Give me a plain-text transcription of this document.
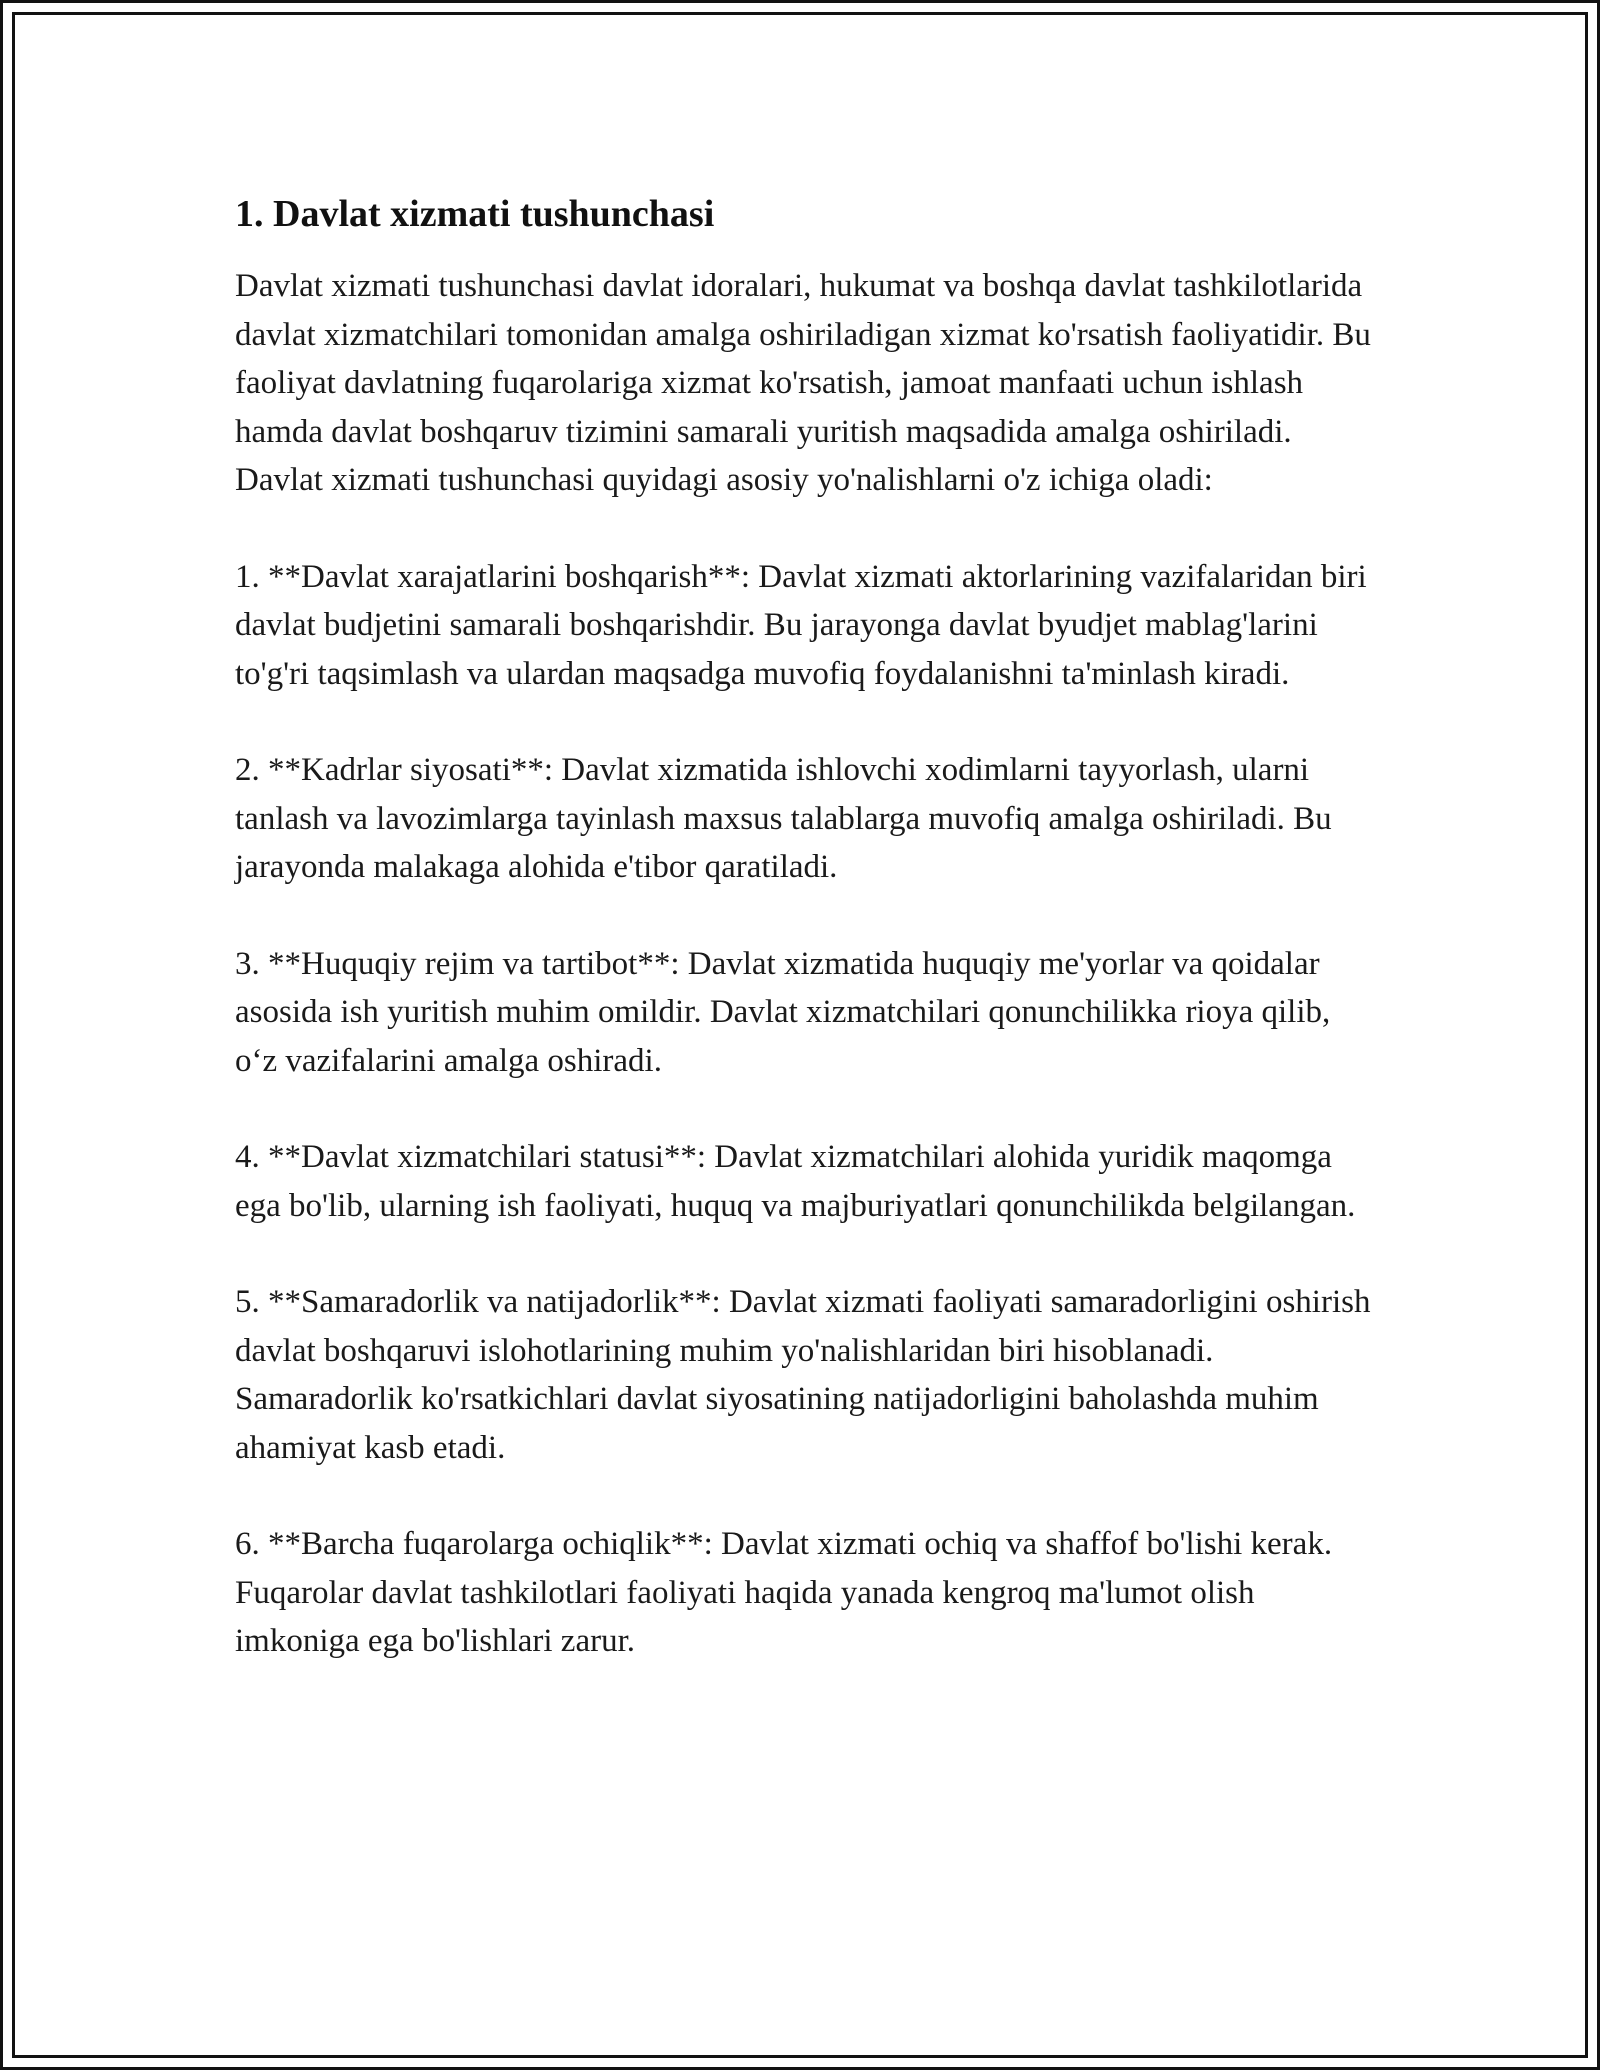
1. Davlat xizmati tushunchasi

Davlat xizmati tushunchasi davlat idoralari, hukumat va boshqa davlat tashkilotlarida davlat xizmatchilari tomonidan amalga oshiriladigan xizmat ko'rsatish faoliyatidir. Bu faoliyat davlatning fuqarolariga xizmat ko'rsatish, jamoat manfaati uchun ishlash hamda davlat boshqaruv tizimini samarali yuritish maqsadida amalga oshiriladi. Davlat xizmati tushunchasi quyidagi asosiy yo'nalishlarni o'z ichiga oladi:

1. **Davlat xarajatlarini boshqarish**: Davlat xizmati aktorlarining vazifalaridan biri davlat budjetini samarali boshqarishdir. Bu jarayonga davlat byudjet mablag'larini to'g'ri taqsimlash va ulardan maqsadga muvofiq foydalanishni ta'minlash kiradi.

2. **Kadrlar siyosati**: Davlat xizmatida ishlovchi xodimlarni tayyorlash, ularni tanlash va lavozimlarga tayinlash maxsus talablarga muvofiq amalga oshiriladi. Bu jarayonda malakaga alohida e'tibor qaratiladi.

3. **Huquqiy rejim va tartibot**: Davlat xizmatida huquqiy me'yorlar va qoidalar asosida ish yuritish muhim omildir. Davlat xizmatchilari qonunchilikka rioya qilib, o‘z vazifalarini amalga oshiradi.

4. **Davlat xizmatchilari statusi**: Davlat xizmatchilari alohida yuridik maqomga ega bo'lib, ularning ish faoliyati, huquq va majburiyatlari qonunchilikda belgilangan.

5. **Samaradorlik va natijadorlik**: Davlat xizmati faoliyati samaradorligini oshirish davlat boshqaruvi islohotlarining muhim yo'nalishlaridan biri hisoblanadi. Samaradorlik ko'rsatkichlari davlat siyosatining natijadorligini baholashda muhim ahamiyat kasb etadi.

6. **Barcha fuqarolarga ochiqlik**: Davlat xizmati ochiq va shaffof bo'lishi kerak. Fuqarolar davlat tashkilotlari faoliyati haqida yanada kengroq ma'lumot olish imkoniga ega bo'lishlari zarur.
